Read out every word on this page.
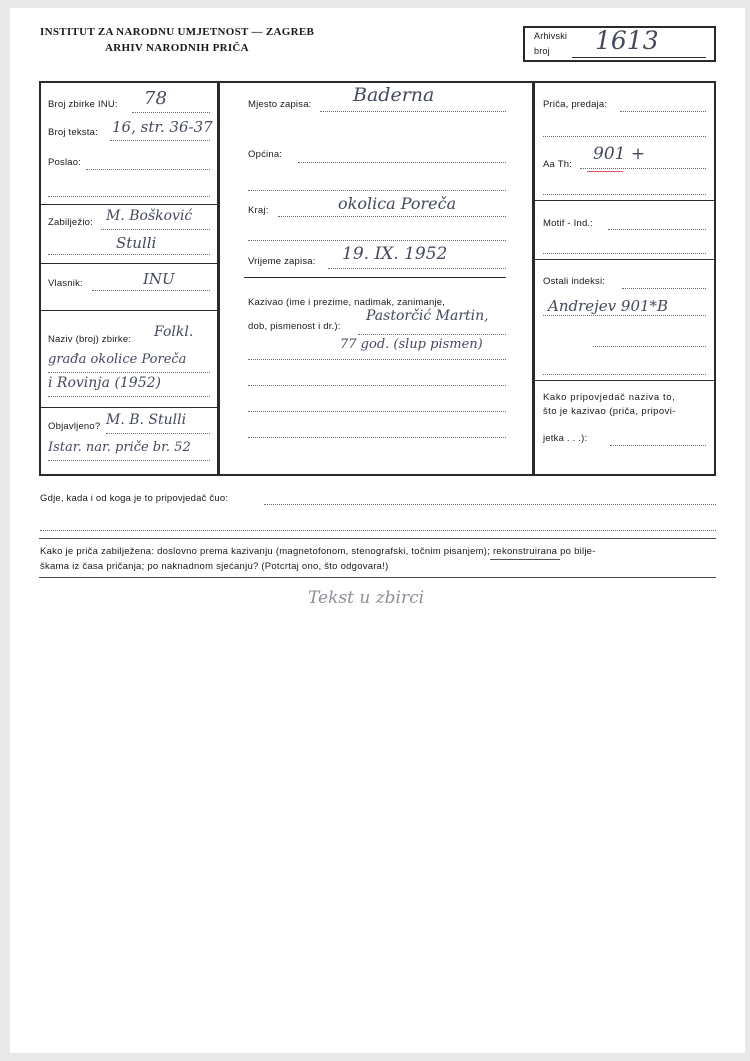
INSTITUT ZA NARODNU UMJETNOST — ZAGREB
ARHIV NARODNIH PRIČA
Arhivski
broj 1613
Broj zbirke INU: 78
Broj teksta: 16, str. 36-37
Poslao:
Zabilježio: M. Bošković
Stulli
Vlasnik:	INU
Naziv (broj) zbirke: Folkl.
građa okolice Poreča
i Rovinja (1952)
Objavljeno? M. B. Stulli
Istar. nar. priče br. 52
Mjesto zapisa: Baderna
Općina:
Kraj:	okolica Poreča
Vrijeme zapisa: 19. IX. 1952
Kazivao (ime i prezime, nadimak, zanimanje,
dob, pismenost i dr.):
Pastorčić Martin,
77 god. (slup pismen)
Priča, predaja:
Aa Th:
901 +
Motif - Ind.:
Ostali indeksi:
Andrejev 901*B
Kako pripovjedač naziva to,
što je kazivao (priča, pripovi-
jetka . . .):
Gdje, kada i od koga je to pripovjedač čuo:
Kako je priča zabilježena: doslovno prema kazivanju (magnetofonom, stenografski, točnim pisanjem); rekonstruirana po bilje-
škama iz časa pričanja; po naknadnom sjećanju? (Potcrtaj ono, što odgovara!)
Tekst u zbirci
